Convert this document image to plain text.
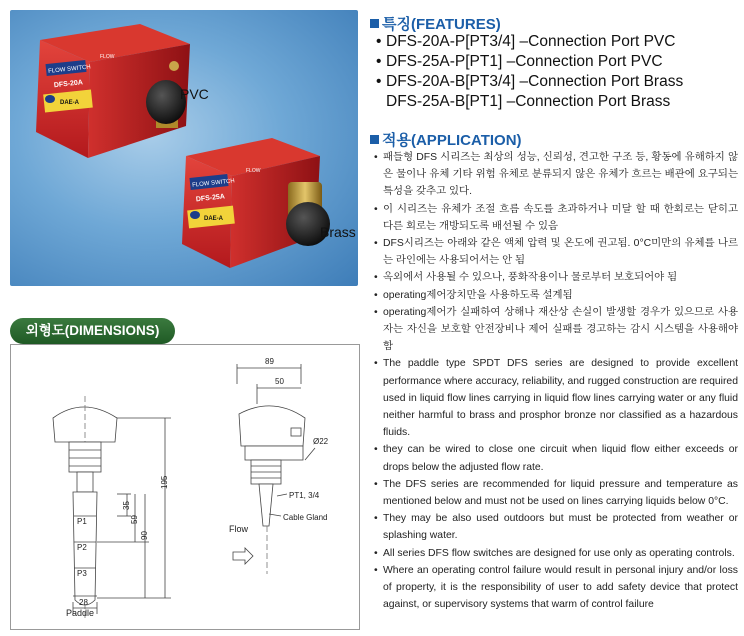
FLOW SWITCH
DFS-20A
DAE-A
FLOW
FLOW SWITCH
DFS-25A
DAE-A
FLOW
PVC
Brass
특징(FEATURES)
• DFS-20A-P[PT3/4] –Connection Port PVC
• DFS-25A-P[PT1] –Connection Port PVC
• DFS-20A-B[PT3/4] –Connection Port Brass
DFS-25A-B[PT1] –Connection Port Brass
적용(APPLICATION)
• 패들형 DFS 시리즈는 최상의 성능, 신뢰성, 견고한 구조 등, 황동에 유해하지 않은 물이나 유체 기타 위험 유체로 분류되지 않은 유체가 흐르는 배관에 요구되는 특성을 갖추고 있다.
• 이 시리즈는 유체가 조절 흐름 속도를 초과하거나 미달 할 때 한회로는 닫히고 다른 회로는 개방되도록 배선될 수 있음
• DFS시리즈는 아래와 같은 액체 압력 및 온도에 권고됨. 0°C미만의 유체를 나르는 라인에는 사용되어서는 안 됨
• 옥외에서 사용될 수 있으나, 풍화작용이나 물로부터 보호되어야 됨
• operating제어장치만을 사용하도록 설계됨
• operating제어가 실패하여 상해나 재산상 손실이 발생할 경우가 있으므로 사용자는 자신을 보호할 안전장비나 제어 실패를 경고하는 감시 시스템을 사용해야함
• The paddle type SPDT DFS series are designed to provide excellent performance where accuracy, reliability, and rugged construction are required used in liquid flow lines carrying in liquid flow lines carrying water or any fluid neither harmful to brass and prosphor bronze nor classified as a hazardous fluids.
• they can be wired to close one circuit when liquid flow either exceeds or drops below the adjusted flow rate.
• The DFS series are recommended for liquid pressure and temperature as mentioned below and must not be used on lines carrying liquids below 0°C.
• They may be also used outdoors but must be protected from weather or splashing water.
• All series DFS flow switches are designed for use only as operating controls.
• Where an operating control failure would result in personal injury and/or loss of property, it is the responsibility of user to add safety device that protect against, or supervisory systems that warm of control failure
외형도(DIMENSIONS)
P1
P2
P3
28
Paddle
35
59
90
195
89
50
Ø22
PT1, 3/4
Cable Gland
Flow
